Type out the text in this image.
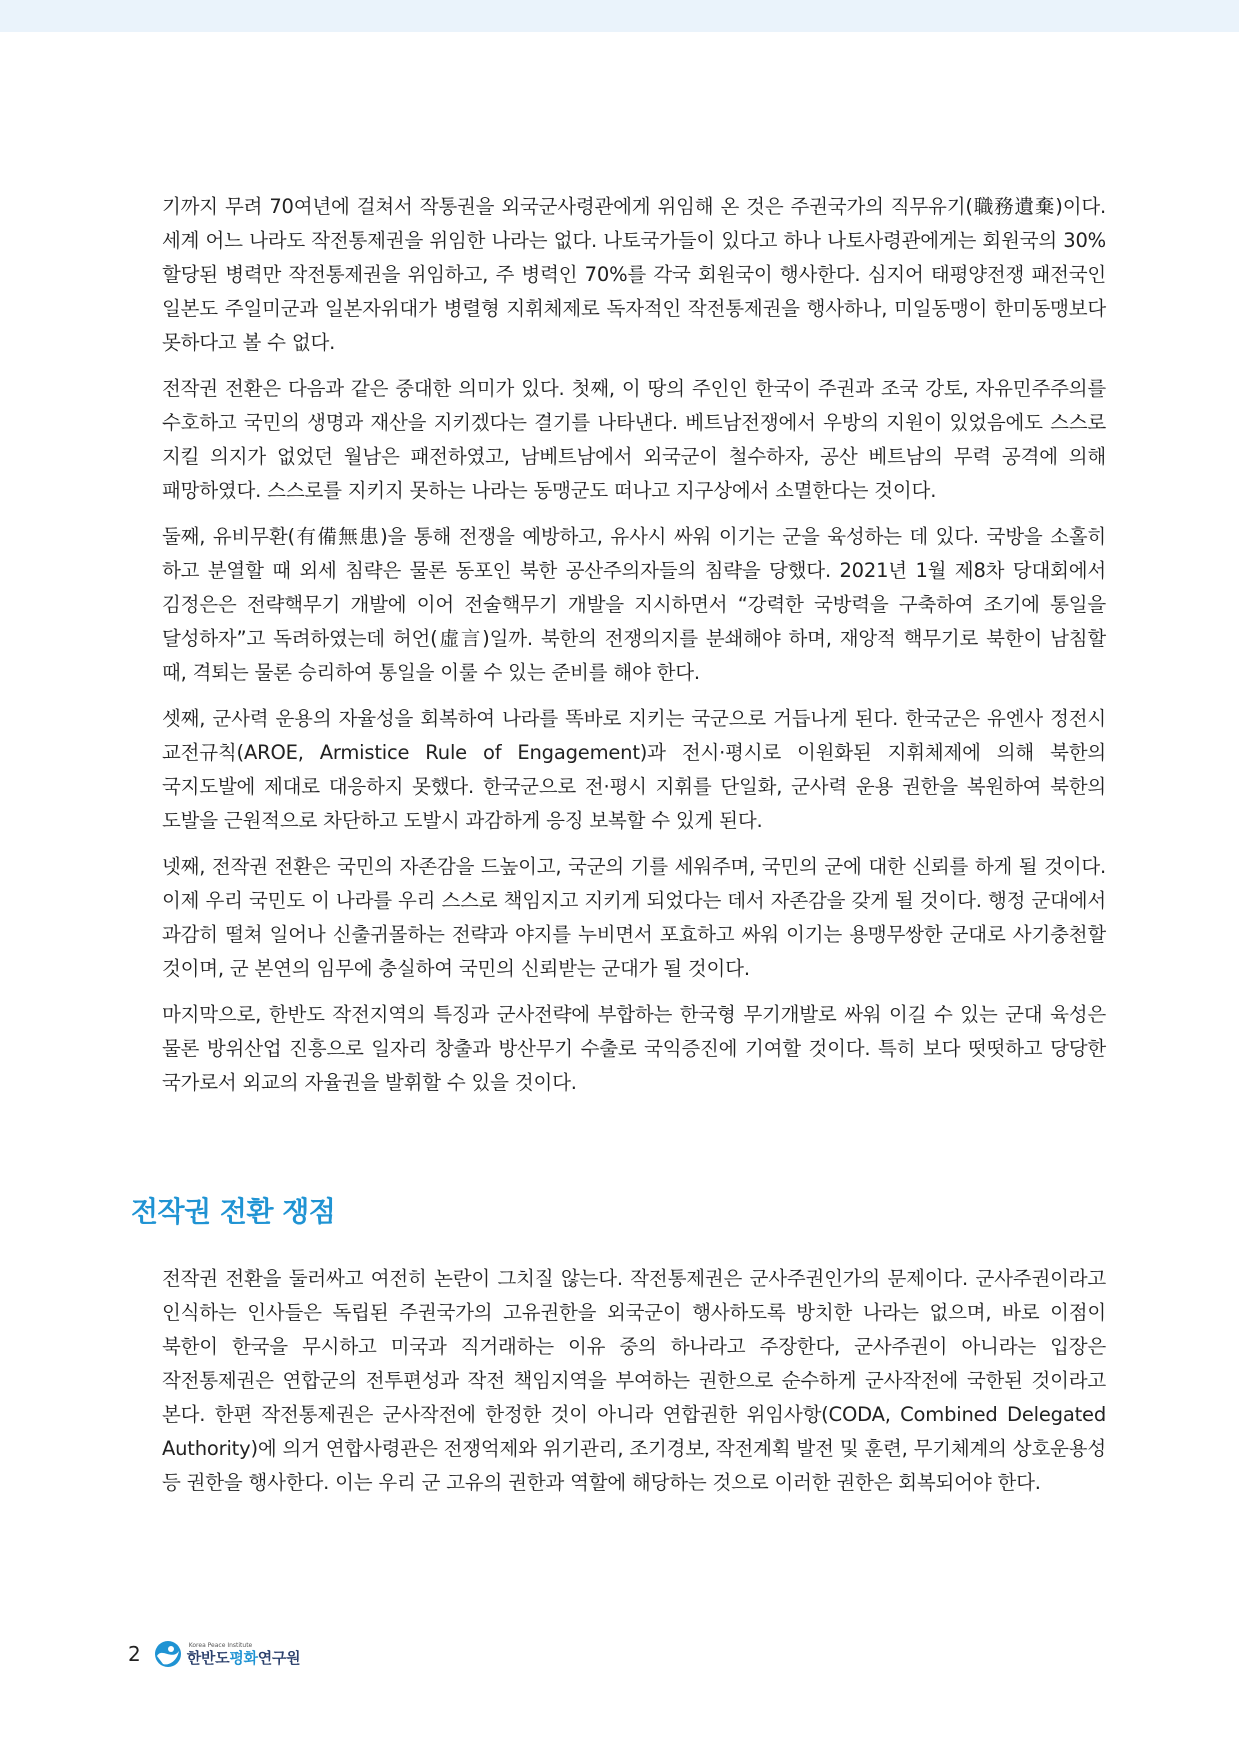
기까지 무려 70여년에 걸쳐서 작통권을 외국군사령관에게 위임해 온 것은 주권국가의 직무유기(職務遺棄)이다. 세계 어느 나라도 작전통제권을 위임한 나라는 없다. 나토국가들이 있다고 하나 나토사령관에게는 회원국의 30% 할당된 병력만 작전통제권을 위임하고, 주 병력인 70%를 각국 회원국이 행사한다. 심지어 태평양전쟁 패전국인 일본도 주일미군과 일본자위대가 병렬형 지휘체제로 독자적인 작전통제권을 행사하나, 미일동맹이 한미동맹보다 못하다고 볼 수 없다.

전작권 전환은 다음과 같은 중대한 의미가 있다. 첫째, 이 땅의 주인인 한국이 주권과 조국 강토, 자유민주주의를 수호하고 국민의 생명과 재산을 지키겠다는 결기를 나타낸다. 베트남전쟁에서 우방의 지원이 있었음에도 스스로 지킬 의지가 없었던 월남은 패전하였고, 남베트남에서 외국군이 철수하자, 공산 베트남의 무력 공격에 의해 패망하였다. 스스로를 지키지 못하는 나라는 동맹군도 떠나고 지구상에서 소멸한다는 것이다.

둘째, 유비무환(有備無患)을 통해 전쟁을 예방하고, 유사시 싸워 이기는 군을 육성하는 데 있다. 국방을 소홀히 하고 분열할 때 외세 침략은 물론 동포인 북한 공산주의자들의 침략을 당했다. 2021년 1월 제8차 당대회에서 김정은은 전략핵무기 개발에 이어 전술핵무기 개발을 지시하면서 “강력한 국방력을 구축하여 조기에 통일을 달성하자”고 독려하였는데 허언(虛言)일까. 북한의 전쟁의지를 분쇄해야 하며, 재앙적 핵무기로 북한이 남침할 때, 격퇴는 물론 승리하여 통일을 이룰 수 있는 준비를 해야 한다.

셋째, 군사력 운용의 자율성을 회복하여 나라를 똑바로 지키는 국군으로 거듭나게 된다. 한국군은 유엔사 정전시 교전규칙(AROE, Armistice Rule of Engagement)과 전시·평시로 이원화된 지휘체제에 의해 북한의 국지도발에 제대로 대응하지 못했다. 한국군으로 전·평시 지휘를 단일화, 군사력 운용 권한을 복원하여 북한의 도발을 근원적으로 차단하고 도발시 과감하게 응징 보복할 수 있게 된다.

넷째, 전작권 전환은 국민의 자존감을 드높이고, 국군의 기를 세워주며, 국민의 군에 대한 신뢰를 하게 될 것이다. 이제 우리 국민도 이 나라를 우리 스스로 책임지고 지키게 되었다는 데서 자존감을 갖게 될 것이다. 행정 군대에서 과감히 떨쳐 일어나 신출귀몰하는 전략과 야지를 누비면서 포효하고 싸워 이기는 용맹무쌍한 군대로 사기충천할 것이며, 군 본연의 임무에 충실하여 국민의 신뢰받는 군대가 될 것이다.

마지막으로, 한반도 작전지역의 특징과 군사전략에 부합하는 한국형 무기개발로 싸워 이길 수 있는 군대 육성은 물론 방위산업 진흥으로 일자리 창출과 방산무기 수출로 국익증진에 기여할 것이다. 특히 보다 떳떳하고 당당한 국가로서 외교의 자율권을 발휘할 수 있을 것이다.

전작권 전환 쟁점

전작권 전환을 둘러싸고 여전히 논란이 그치질 않는다. 작전통제권은 군사주권인가의 문제이다. 군사주권이라고 인식하는 인사들은 독립된 주권국가의 고유권한을 외국군이 행사하도록 방치한 나라는 없으며, 바로 이점이 북한이 한국을 무시하고 미국과 직거래하는 이유 중의 하나라고 주장한다, 군사주권이 아니라는 입장은 작전통제권은 연합군의 전투편성과 작전 책임지역을 부여하는 권한으로 순수하게 군사작전에 국한된 것이라고 본다. 한편 작전통제권은 군사작전에 한정한 것이 아니라 연합권한 위임사항(CODA, Combined Delegated Authority)에 의거 연합사령관은 전쟁억제와 위기관리, 조기경보, 작전계획 발전 및 훈련, 무기체계의 상호운용성 등 권한을 행사한다. 이는 우리 군 고유의 권한과 역할에 해당하는 것으로 이러한 권한은 회복되어야 한다.

2	Korea Peace Institute
한반도평화연구원
